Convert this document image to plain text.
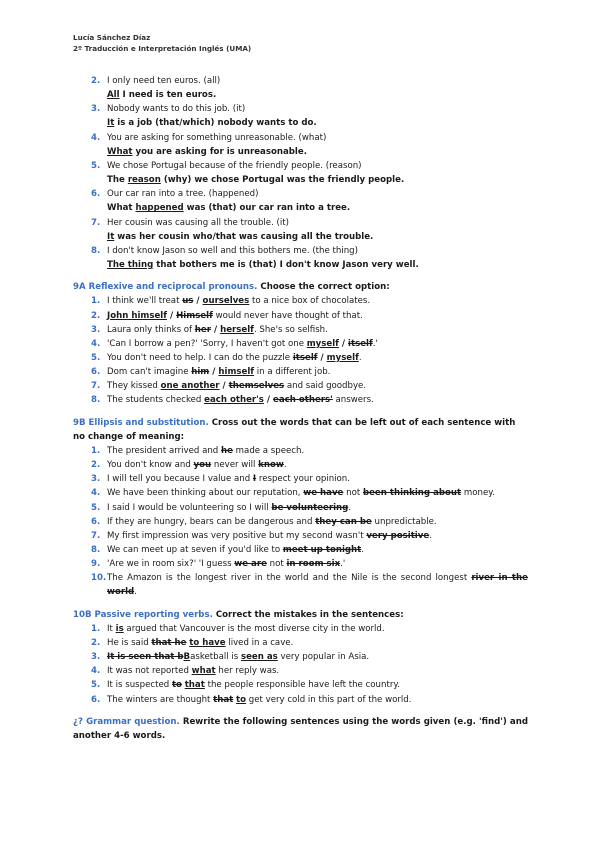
Lucía Sánchez Díaz
2º Traducción e Interpretación Inglés (UMA)
2. I only need ten euros. (all)
All I need is ten euros.
3. Nobody wants to do this job. (it)
It is a job (that/which) nobody wants to do.
4. You are asking for something unreasonable. (what)
What you are asking for is unreasonable.
5. We chose Portugal because of the friendly people. (reason)
The reason (why) we chose Portugal was the friendly people.
6. Our car ran into a tree. (happened)
What happened was (that) our car ran into a tree.
7. Her cousin was causing all the trouble. (it)
It was her cousin who/that was causing all the trouble.
8. I don't know Jason so well and this bothers me. (the thing)
The thing that bothers me is (that) I don't know Jason very well.
9A Reflexive and reciprocal pronouns. Choose the correct option:
1. I think we'll treat us / ourselves to a nice box of chocolates.
2. John himself / Himself would never have thought of that.
3. Laura only thinks of her / herself. She's so selfish.
4. 'Can I borrow a pen?' 'Sorry, I haven't got one myself / itself.'
5. You don't need to help. I can do the puzzle itself / myself.
6. Dom can't imagine him / himself in a different job.
7. They kissed one another / themselves and said goodbye.
8. The students checked each other's / each others' answers.
9B Ellipsis and substitution. Cross out the words that can be left out of each sentence with no change of meaning:
1. The president arrived and he made a speech.
2. You don't know and you never will know.
3. I will tell you because I value and I respect your opinion.
4. We have been thinking about our reputation, we have not been thinking about money.
5. I said I would be volunteering so I will be volunteering.
6. If they are hungry, bears can be dangerous and they can be unpredictable.
7. My first impression was very positive but my second wasn't very positive.
8. We can meet up at seven if you'd like to meet up tonight.
9. 'Are we in room six?' 'I guess we are not in room six.'
10. The Amazon is the longest river in the world and the Nile is the second longest river in the world.
10B Passive reporting verbs. Correct the mistakes in the sentences:
1. It is argued that Vancouver is the most diverse city in the world.
2. He is said that he to have lived in a cave.
3. It is seen that bBasketball is seen as very popular in Asia.
4. It was not reported what her reply was.
5. It is suspected to that the people responsible have left the country.
6. The winters are thought that to get very cold in this part of the world.
¿? Grammar question. Rewrite the following sentences using the words given (e.g. 'find') and another 4-6 words.
